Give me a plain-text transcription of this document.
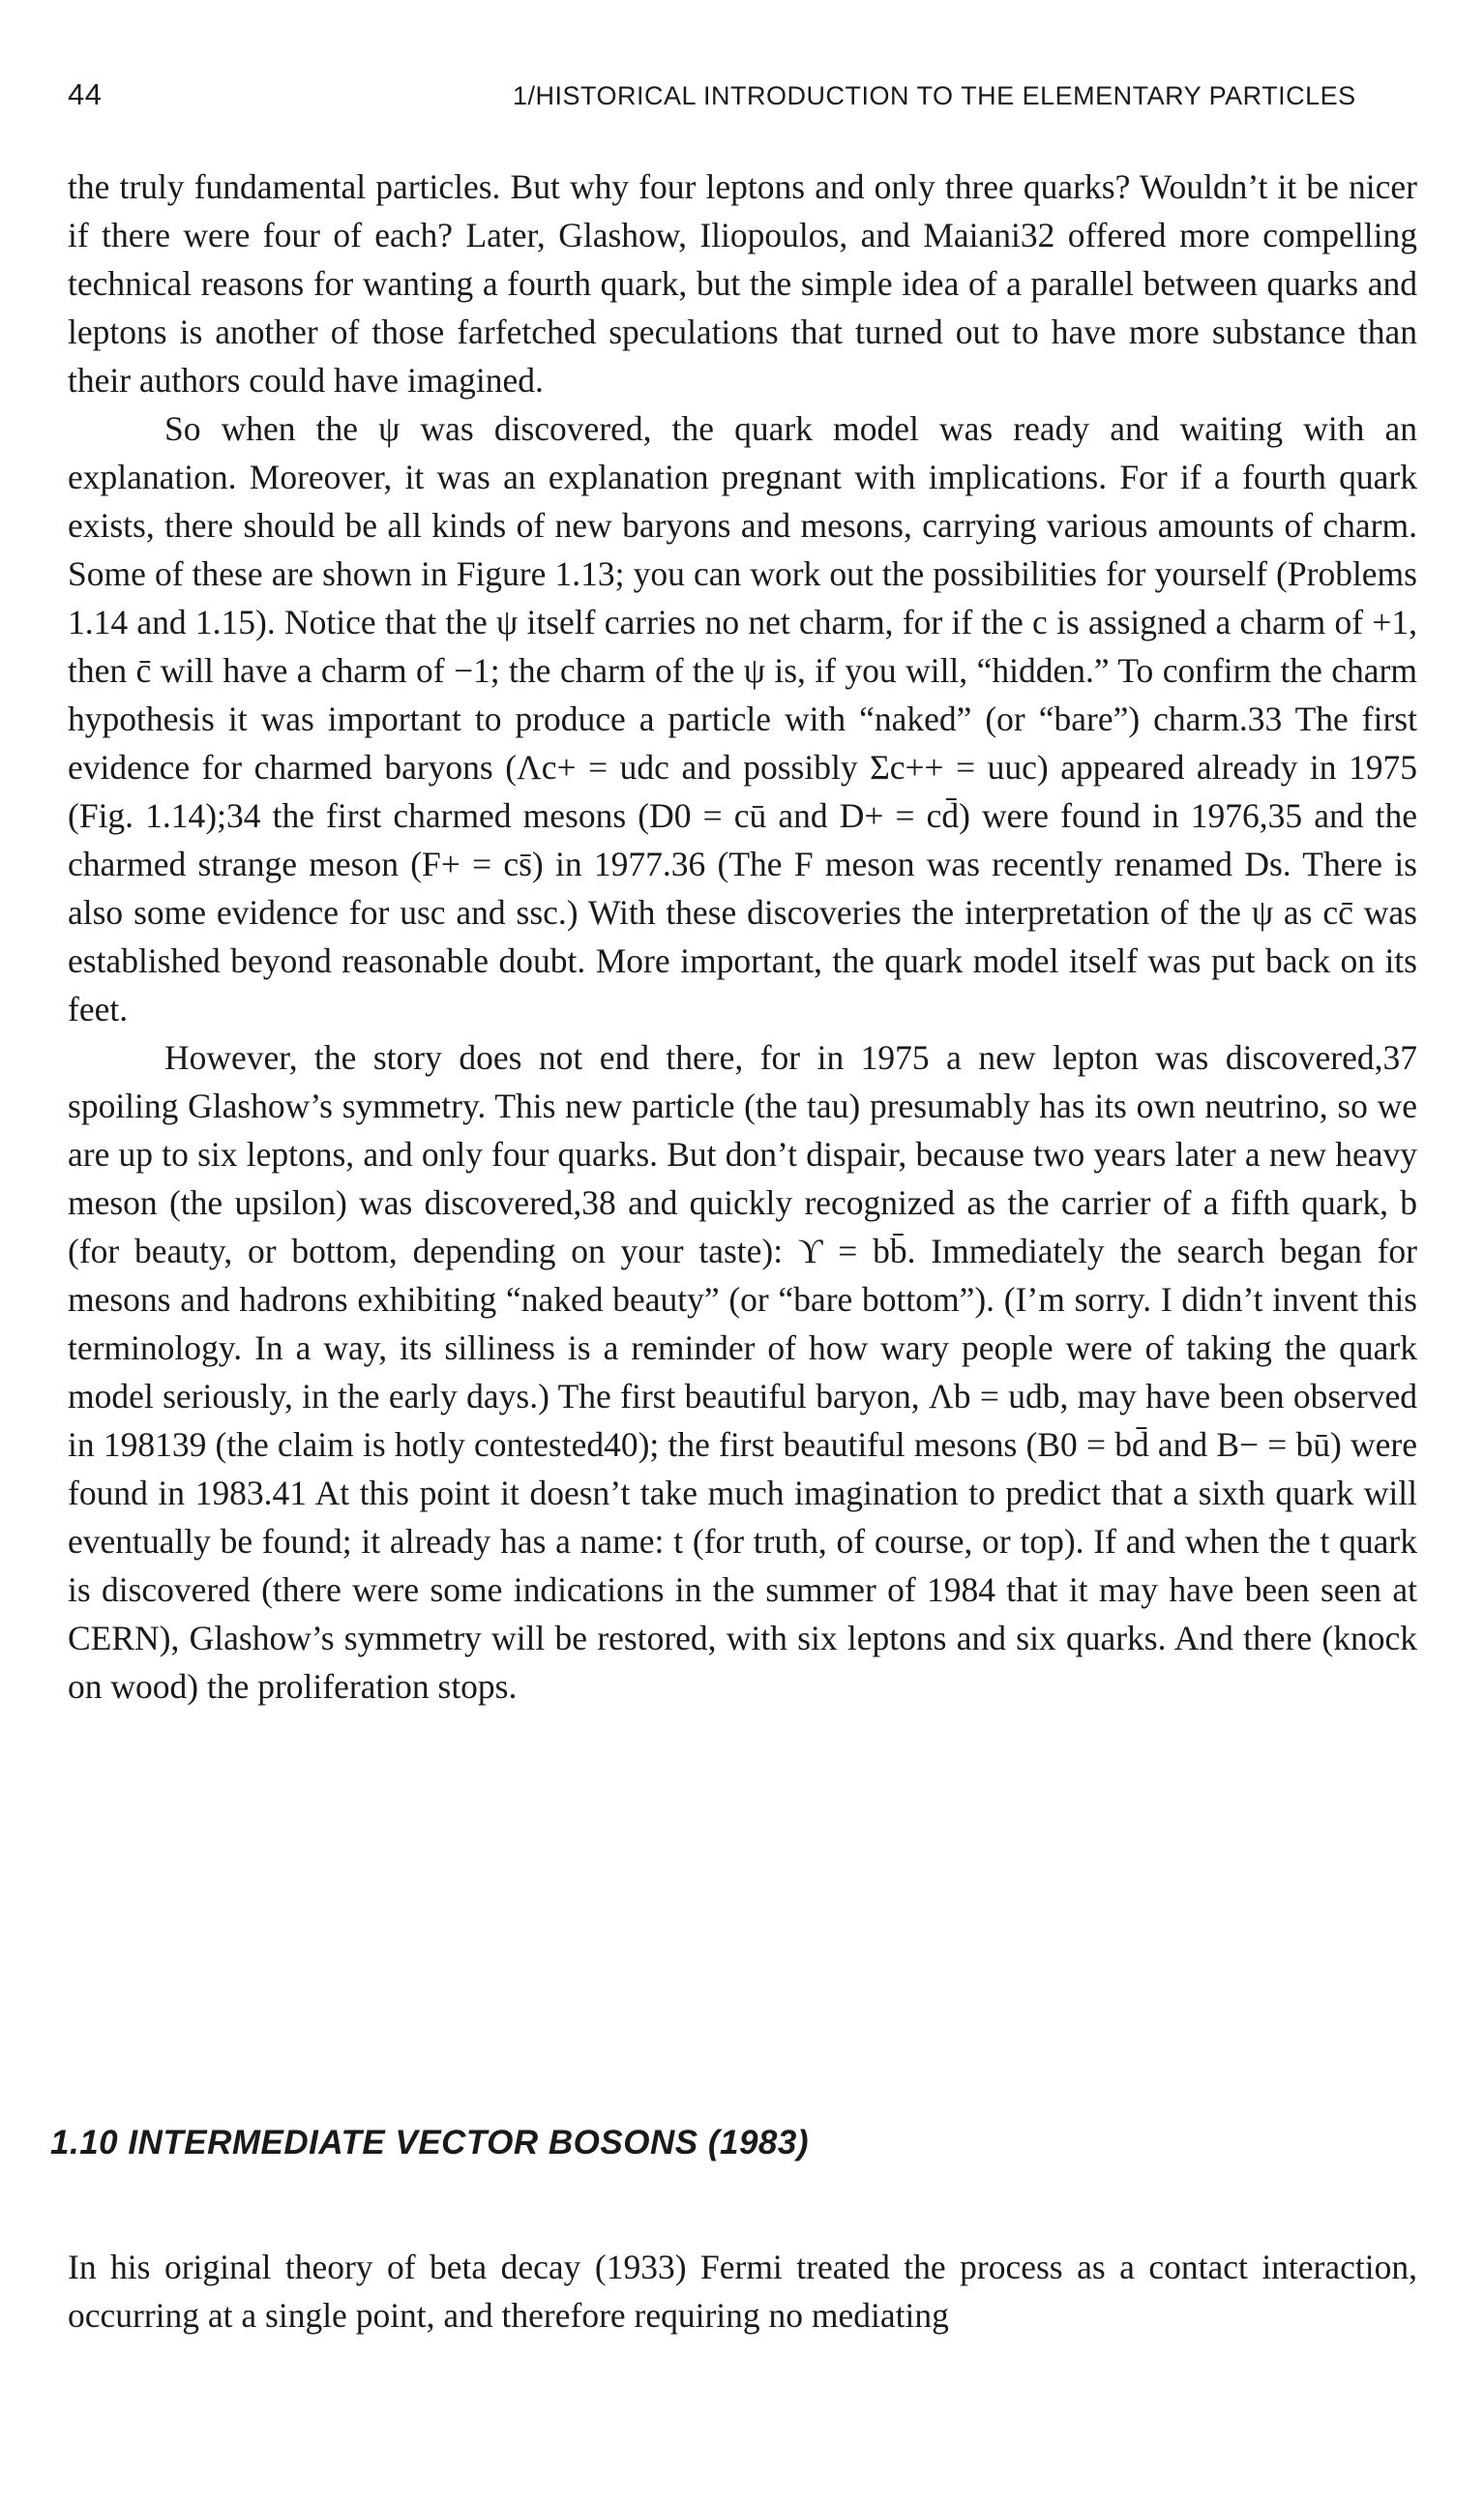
44	1/HISTORICAL INTRODUCTION TO THE ELEMENTARY PARTICLES

the truly fundamental particles. But why four leptons and only three quarks? Wouldn’t it be nicer if there were four of each? Later, Glashow, Iliopoulos, and Maiani32 offered more compelling technical reasons for wanting a fourth quark, but the simple idea of a parallel between quarks and leptons is another of those farfetched speculations that turned out to have more substance than their authors could have imagined.

So when the ψ was discovered, the quark model was ready and waiting with an explanation. Moreover, it was an explanation pregnant with implications. For if a fourth quark exists, there should be all kinds of new baryons and mesons, carrying various amounts of charm. Some of these are shown in Figure 1.13; you can work out the possibilities for yourself (Problems 1.14 and 1.15). Notice that the ψ itself carries no net charm, for if the c is assigned a charm of +1, then c̄ will have a charm of −1; the charm of the ψ is, if you will, “hidden.” To confirm the charm hypothesis it was important to produce a particle with “naked” (or “bare”) charm.33 The first evidence for charmed baryons (Λc+ = udc and possibly Σc++ = uuc) appeared already in 1975 (Fig. 1.14);34 the first charmed mesons (D0 = cū and D+ = cd̄) were found in 1976,35 and the charmed strange meson (F+ = cs̄) in 1977.36 (The F meson was recently renamed Ds. There is also some evidence for usc and ssc.) With these discoveries the interpretation of the ψ as cc̄ was established beyond reasonable doubt. More important, the quark model itself was put back on its feet.

However, the story does not end there, for in 1975 a new lepton was discovered,37 spoiling Glashow’s symmetry. This new particle (the tau) presumably has its own neutrino, so we are up to six leptons, and only four quarks. But don’t dispair, because two years later a new heavy meson (the upsilon) was discovered,38 and quickly recognized as the carrier of a fifth quark, b (for beauty, or bottom, depending on your taste): ϒ = bb̄. Immediately the search began for mesons and hadrons exhibiting “naked beauty” (or “bare bottom”). (I’m sorry. I didn’t invent this terminology. In a way, its silliness is a reminder of how wary people were of taking the quark model seriously, in the early days.) The first beautiful baryon, Λb = udb, may have been observed in 198139 (the claim is hotly contested40); the first beautiful mesons (B0 = bd̄ and B− = bū) were found in 1983.41 At this point it doesn’t take much imagination to predict that a sixth quark will eventually be found; it already has a name: t (for truth, of course, or top). If and when the t quark is discovered (there were some indications in the summer of 1984 that it may have been seen at CERN), Glashow’s symmetry will be restored, with six leptons and six quarks. And there (knock on wood) the proliferation stops.

1.10 INTERMEDIATE VECTOR BOSONS (1983)

In his original theory of beta decay (1933) Fermi treated the process as a contact interaction, occurring at a single point, and therefore requiring no mediating
